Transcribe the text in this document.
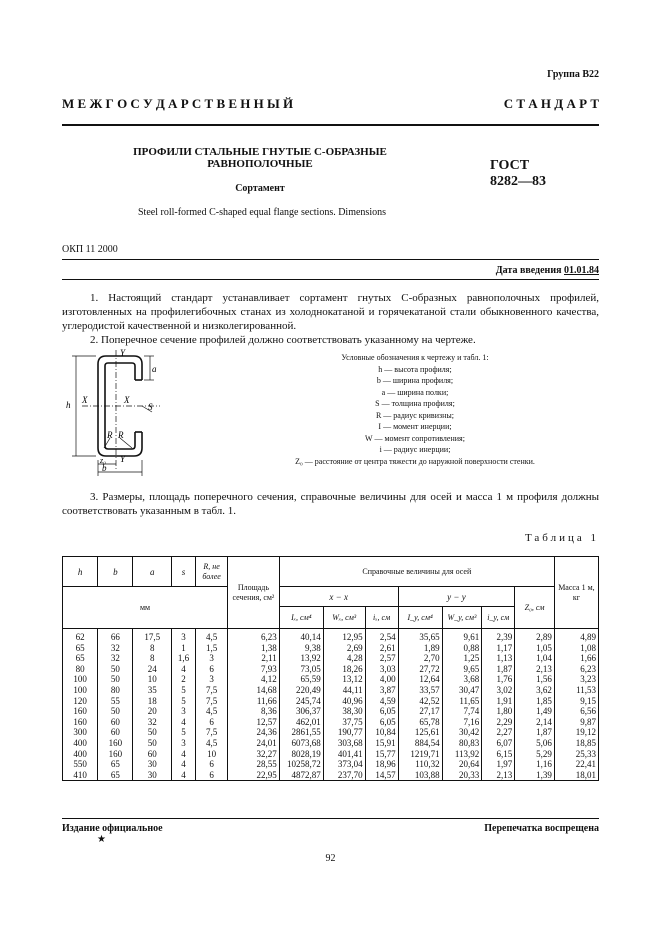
Группа В22
М Е Ж Г О С У Д А Р С Т В Е Н Н Ы Й	С Т А Н Д А Р Т
ПРОФИЛИ СТАЛЬНЫЕ ГНУТЫЕ С-ОБРАЗНЫЕ
РАВНОПОЛОЧНЫЕ
Сортамент
Steel roll-formed C-shaped equal flange sections. Dimensions
ГОСТ
8282—83
ОКП 11 2000
Дата введения 01.01.84
1. Настоящий стандарт устанавливает сортамент гнутых С-образных равнополочных профилей, изготовленных на профилегибочных станах из холоднокатаной и горячекатаной стали обыкновенного качества, углеродистой качественной и низколегированной.
2. Поперечное сечение профилей должно соответствовать указанному на чертеже.
Y
Y
X	X
a
h	S
R R
z₀
b
Условные обозначения к чертежу и табл. 1:
h — высота профиля;
b — ширина профиля;
a — ширина полки;
S — толщина профиля;
R — радиус кривизны;
I — момент инерции;
W — момент сопротивления;
i — радиус инерции;
Z₀ — расстояние от центра тяжести до наружной поверхности стенки.
3. Размеры, площадь поперечного сечения, справочные величины для осей и масса 1 м профиля должны соответствовать указанным в табл. 1.
Таблица 1
h	b	a	s	R, не более	Площадь сечения, см²	Справочные величины для осей							Масса 1 м, кг
мм						x − x			y − y			Z₀, см	
						Iₓ, см⁴	Wₓ, см³	iₓ, см	I_y, см⁴	W_y, см³	i_y, см		
62	66	17,5	3	4,5	6,23	40,14	12,95	2,54	35,65	9,61	2,39	2,89	4,89
65	32	8	1	1,5	1,38	9,38	2,69	2,61	1,89	0,88	1,17	1,05	1,08
65	32	8	1,6	3	2,11	13,92	4,28	2,57	2,70	1,25	1,13	1,04	1,66
80	50	24	4	6	7,93	73,05	18,26	3,03	27,72	9,65	1,87	2,13	6,23
100	50	10	2	3	4,12	65,59	13,12	4,00	12,64	3,68	1,76	1,56	3,23
100	80	35	5	7,5	14,68	220,49	44,11	3,87	33,57	30,47	3,02	3,62	11,53
120	55	18	5	7,5	11,66	245,74	40,96	4,59	42,52	11,65	1,91	1,85	9,15
160	50	20	3	4,5	8,36	306,37	38,30	6,05	27,17	7,74	1,80	1,49	6,56
160	60	32	4	6	12,57	462,01	37,75	6,05	65,78	7,16	2,29	2,14	9,87
300	60	50	5	7,5	24,36	2861,55	190,77	10,84	125,61	30,42	2,27	1,87	19,12
400	160	50	3	4,5	24,01	6073,68	303,68	15,91	884,54	80,83	6,07	5,06	18,85
400	160	60	4	10	32,27	8028,19	401,41	15,77	1219,71	113,92	6,15	5,29	25,33
550	65	30	4	6	28,55	10258,72	373,04	18,96	110,32	20,64	1,97	1,16	22,41
410	65	30	4	6	22,95	4872,87	237,70	14,57	103,88	20,33	2,13	1,39	18,01
Издание официальное
★
Перепечатка воспрещена
92
